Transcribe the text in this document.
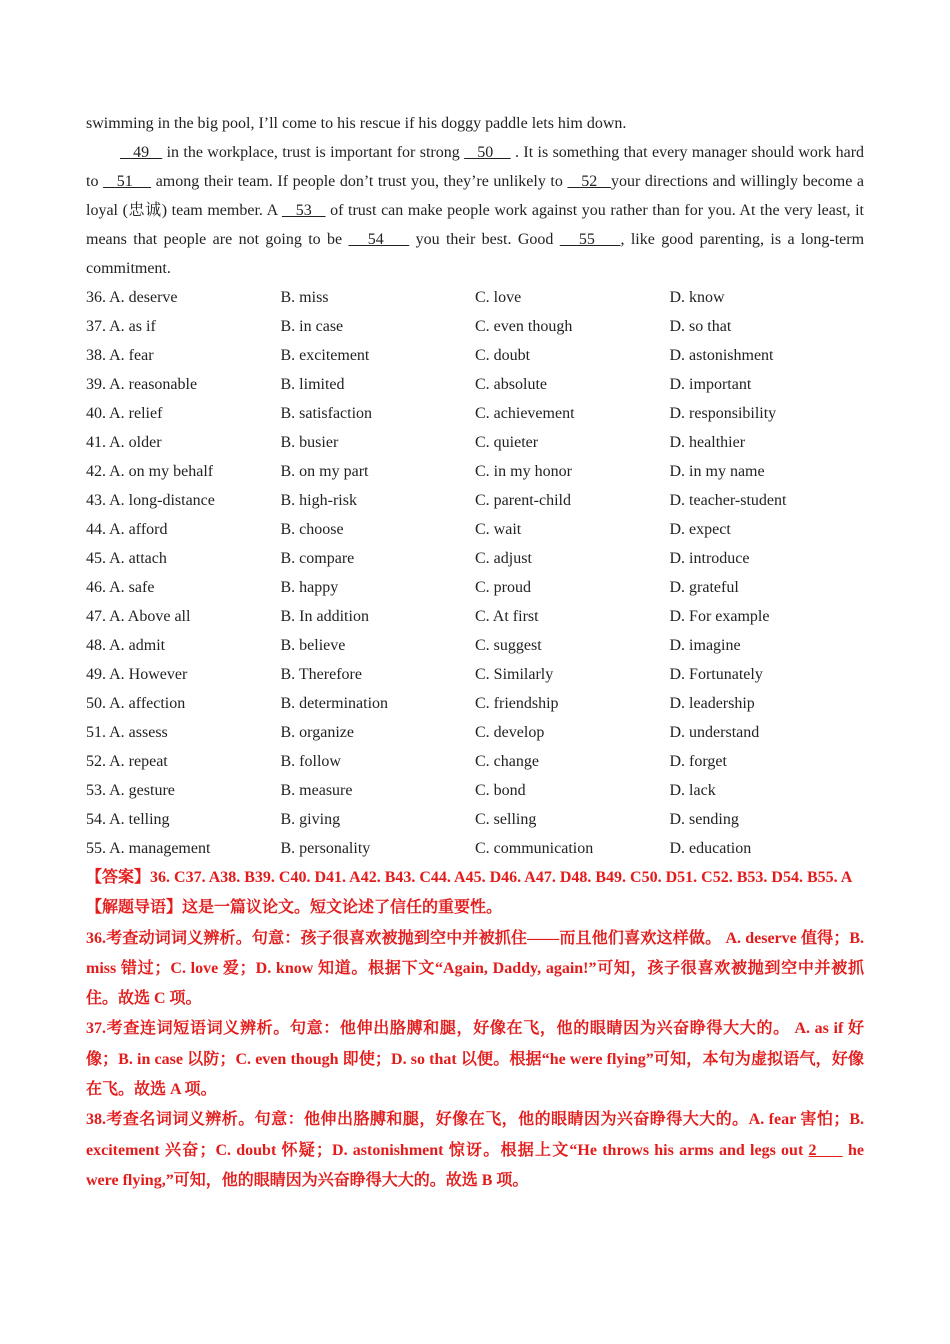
swimming in the big pool, I’ll come to his rescue if his doggy paddle lets him down.

49    in the workplace, trust is important for strong    50     . It is something that every manager should work hard to    51     among their team. If people don’t trust you, they’re unlikely to    52   your directions and willingly become a loyal (忠诚) team member. A    53    of trust can make people work against you rather than for you. At the very least, it means that people are not going to be    54     you their best. Good    55    , like good parenting, is a long-term commitment.

36. A. deserve	B. miss	C. love	D. know
37. A. as if	B. in case	C. even though	D. so that
38. A. fear	B. excitement	C. doubt	D. astonishment
39. A. reasonable	B. limited	C. absolute	D. important
40. A. relief	B. satisfaction	C. achievement	D. responsibility
41. A. older	B. busier	C. quieter	D. healthier
42. A. on my behalf	B. on my part	C. in my honor	D. in my name
43. A. long-distance	B. high-risk	C. parent-child	D. teacher-student
44. A. afford	B. choose	C. wait	D. expect
45. A. attach	B. compare	C. adjust	D. introduce
46. A. safe	B. happy	C. proud	D. grateful
47. A. Above all	B. In addition	C. At first	D. For example
48. A. admit	B. believe	C. suggest	D. imagine
49. A. However	B. Therefore	C. Similarly	D. Fortunately
50. A. affection	B. determination	C. friendship	D. leadership
51. A. assess	B. organize	C. develop	D. understand
52. A. repeat	B. follow	C. change	D. forget
53. A. gesture	B. measure	C. bond	D. lack
54. A. telling	B. giving	C. selling	D. sending
55. A. management	B. personality	C. communication	D. education

【答案】36. C37. A38. B39. C40. D41. A42. B43. C44. A45. D46. A47. D48. B49. C50. D51. C52. B53. D54. B55. A

【解题导语】这是一篇议论文。短文论述了信任的重要性。

36.考查动词词义辨析。句意：孩子很喜欢被抛到空中并被抓住——而且他们喜欢这样做。 A. deserve 值得；B. miss 错过；C. love 爱；D. know 知道。根据下文“Again, Daddy, again!”可知，孩子很喜欢被抛到空中并被抓住。故选 C 项。

37.考查连词短语词义辨析。句意：他伸出胳膊和腿，好像在飞，他的眼睛因为兴奋睁得大大的。 A. as if 好像；B. in case 以防；C. even though 即使；D. so that 以便。根据“he were flying”可知，本句为虚拟语气，好像在飞。故选 A 项。

38.考查名词词义辨析。句意：他伸出胳膊和腿，好像在飞，他的眼睛因为兴奋睁得大大的。A. fear 害怕；B. excitement 兴奋；C. doubt 怀疑；D. astonishment 惊讶。根据上文“He throws his arms and legs out 2      he were flying,”可知，他的眼睛因为兴奋睁得大大的。故选 B 项。
